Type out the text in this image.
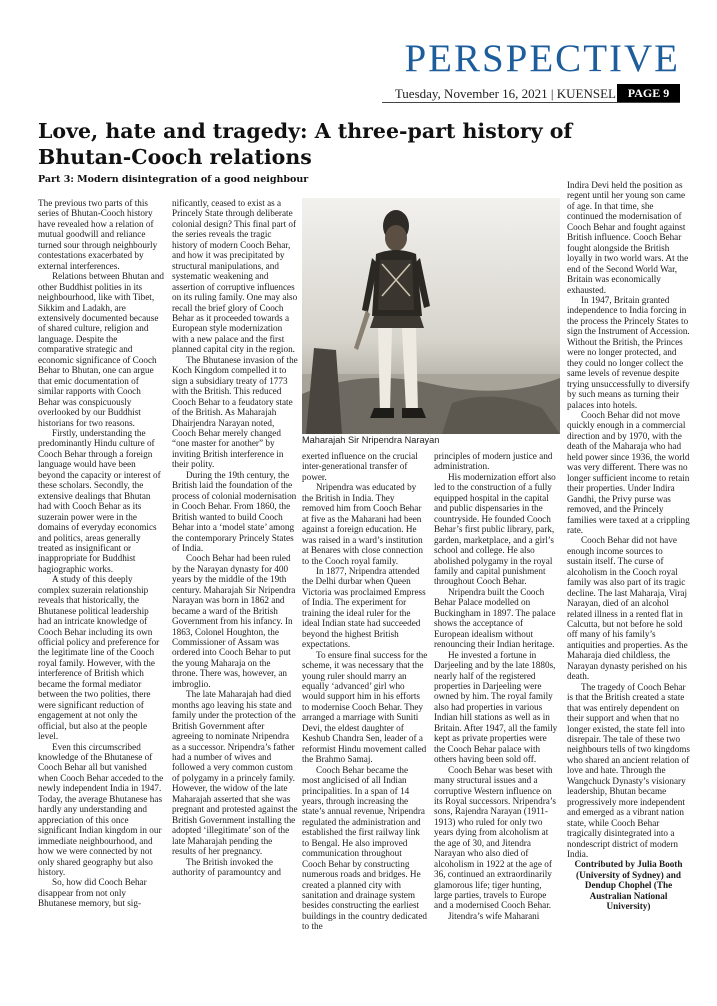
PERSPECTIVE
Tuesday, November 16, 2021 | KUENSEL PAGE 9
Love, hate and tragedy: A three-part history of Bhutan-Cooch relations
Part 3: Modern disintegration of a good neighbour
Maharajah Sir Nripendra Narayan

The previous two parts of this series of Bhutan-Cooch history have revealed how a relation of mutual goodwill and reliance turned sour through neighbourly contestations exacerbated by external interferences.

Relations between Bhutan and other Buddhist polities in its neighbourhood, like with Tibet, Sikkim and Ladakh, are extensively documented because of shared culture, religion and language. Despite the comparative strategic and economic significance of Cooch Behar to Bhutan, one can argue that emic documentation of similar rapports with Cooch Behar was conspicuously overlooked by our Buddhist historians for two reasons.

Firstly, understanding the predominantly Hindu culture of Cooch Behar through a foreign language would have been beyond the capacity or interest of these scholars. Secondly, the extensive dealings that Bhutan had with Cooch Behar as its suzerain power were in the domains of everyday economics and politics, areas generally treated as insignificant or inappropriate for Buddhist hagiographic works.

A study of this deeply complex suzerain relationship reveals that historically, the Bhutanese political leadership had an intricate knowledge of Cooch Behar including its own official policy and preference for the legitimate line of the Cooch royal family. However, with the interference of British which became the formal mediator between the two polities, there were significant reduction of engagement at not only the official, but also at the people level.

Even this circumscribed knowledge of the Bhutanese of Cooch Behar all but vanished when Cooch Behar acceded to the newly independent India in 1947. Today, the average Bhutanese has hardly any understanding and appreciation of this once significant Indian kingdom in our immediate neighbourhood, and how we were connected by not only shared geography but also history.

So, how did Cooch Behar disappear from not only Bhutanese memory, but sig-

nificantly, ceased to exist as a Princely State through deliberate colonial design? This final part of the series reveals the tragic history of modern Cooch Behar, and how it was precipitated by structural manipulations, and systematic weakening and assertion of corruptive influences on its ruling family. One may also recall the brief glory of Cooch Behar as it proceeded towards a European style modernization with a new palace and the first planned capital city in the region.

The Bhutanese invasion of the Koch Kingdom compelled it to sign a subsidiary treaty of 1773 with the British. This reduced Cooch Behar to a feudatory state of the British. As Maharajah Dhairjendra Narayan noted, Cooch Behar merely changed “one master for another” by inviting British interference in their polity.

During the 19th century, the British laid the foundation of the process of colonial modernisation in Cooch Behar. From 1860, the British wanted to build Cooch Behar into a ‘model state’ among the contemporary Princely States of India.

Cooch Behar had been ruled by the Narayan dynasty for 400 years by the middle of the 19th century. Maharajah Sir Nripendra Narayan was born in 1862 and became a ward of the British Government from his infancy. In 1863, Colonel Houghton, the Commissioner of Assam was ordered into Cooch Behar to put the young Maharaja on the throne. There was, however, an imbroglio.

The late Maharajah had died months ago leaving his state and family under the protection of the British Government after agreeing to nominate Nripendra as a successor. Nripendra’s father had a number of wives and followed a very common custom of polygamy in a princely family. However, the widow of the late Maharajah asserted that she was pregnant and protested against the British Government installing the adopted ‘illegitimate’ son of the late Maharajah pending the results of her pregnancy.

The British invoked the authority of paramountcy and

exerted influence on the crucial inter-generational transfer of power.

Nripendra was educated by the British in India. They removed him from Cooch Behar at five as the Maharani had been against a foreign education. He was raised in a ward’s institution at Benares with close connection to the Cooch royal family.

In 1877, Nripendra attended the Delhi durbar when Queen Victoria was proclaimed Empress of India. The experiment for training the ideal ruler for the ideal Indian state had succeeded beyond the highest British expectations.

To ensure final success for the scheme, it was necessary that the young ruler should marry an equally ‘advanced’ girl who would support him in his efforts to modernise Cooch Behar. They arranged a marriage with Suniti Devi, the eldest daughter of Keshub Chandra Sen, leader of a reformist Hindu movement called the Brahmo Samaj.

Cooch Behar became the most anglicised of all Indian principalities. In a span of 14 years, through increasing the state’s annual revenue, Nripendra regulated the administration and established the first railway link to Bengal. He also improved communication throughout Cooch Behar by constructing numerous roads and bridges. He created a planned city with sanitation and drainage system besides constructing the earliest buildings in the country dedicated to the

principles of modern justice and administration.

His modernization effort also led to the construction of a fully equipped hospital in the capital and public dispensaries in the countryside. He founded Cooch Behar’s first public library, park, garden, marketplace, and a girl’s school and college. He also abolished polygamy in the royal family and capital punishment throughout Cooch Behar.

Nripendra built the Cooch Behar Palace modelled on Buckingham in 1897. The palace shows the acceptance of European idealism without renouncing their Indian heritage.

He invested a fortune in Darjeeling and by the late 1880s, nearly half of the registered properties in Darjeeling were owned by him. The royal family also had properties in various Indian hill stations as well as in Britain. After 1947, all the family kept as private properties were the Cooch Behar palace with others having been sold off.

Cooch Behar was beset with many structural issues and a corruptive Western influence on its Royal successors. Nripendra’s sons, Rajendra Narayan (1911-1913) who ruled for only two years dying from alcoholism at the age of 30, and Jitendra Narayan who also died of alcoholism in 1922 at the age of 36, continued an extraordinarily glamorous life; tiger hunting, large parties, travels to Europe and a modernised Cooch Behar.

Jitendra’s wife Maharani

Indira Devi held the position as regent until her young son came of age. In that time, she continued the modernisation of Cooch Behar and fought against British influence. Cooch Behar fought alongside the British loyally in two world wars. At the end of the Second World War, Britain was economically exhausted.

In 1947, Britain granted independence to India forcing in the process the Princely States to sign the Instrument of Accession. Without the British, the Princes were no longer protected, and they could no longer collect the same levels of revenue despite trying unsuccessfully to diversify by such means as turning their palaces into hotels.

Cooch Behar did not move quickly enough in a commercial direction and by 1970, with the death of the Maharaja who had held power since 1936, the world was very different. There was no longer sufficient income to retain their properties. Under Indira Gandhi, the Privy purse was removed, and the Princely families were taxed at a crippling rate.

Cooch Behar did not have enough income sources to sustain itself. The curse of alcoholism in the Cooch royal family was also part of its tragic decline. The last Maharaja, Viraj Narayan, died of an alcohol related illness in a rented flat in Calcutta, but not before he sold off many of his family’s antiquities and properties. As the Maharaja died childless, the Narayan dynasty perished on his death.

The tragedy of Cooch Behar is that the British created a state that was entirely dependent on their support and when that no longer existed, the state fell into disrepair. The tale of these two neighbours tells of two kingdoms who shared an ancient relation of love and hate. Through the Wangchuck Dynasty’s visionary leadership, Bhutan became progressively more independent and emerged as a vibrant nation state, while Cooch Behar tragically disintegrated into a nondescript district of modern India.

Contributed by Julia Booth (University of Sydney) and Dendup Chophel (The Australian National University)
